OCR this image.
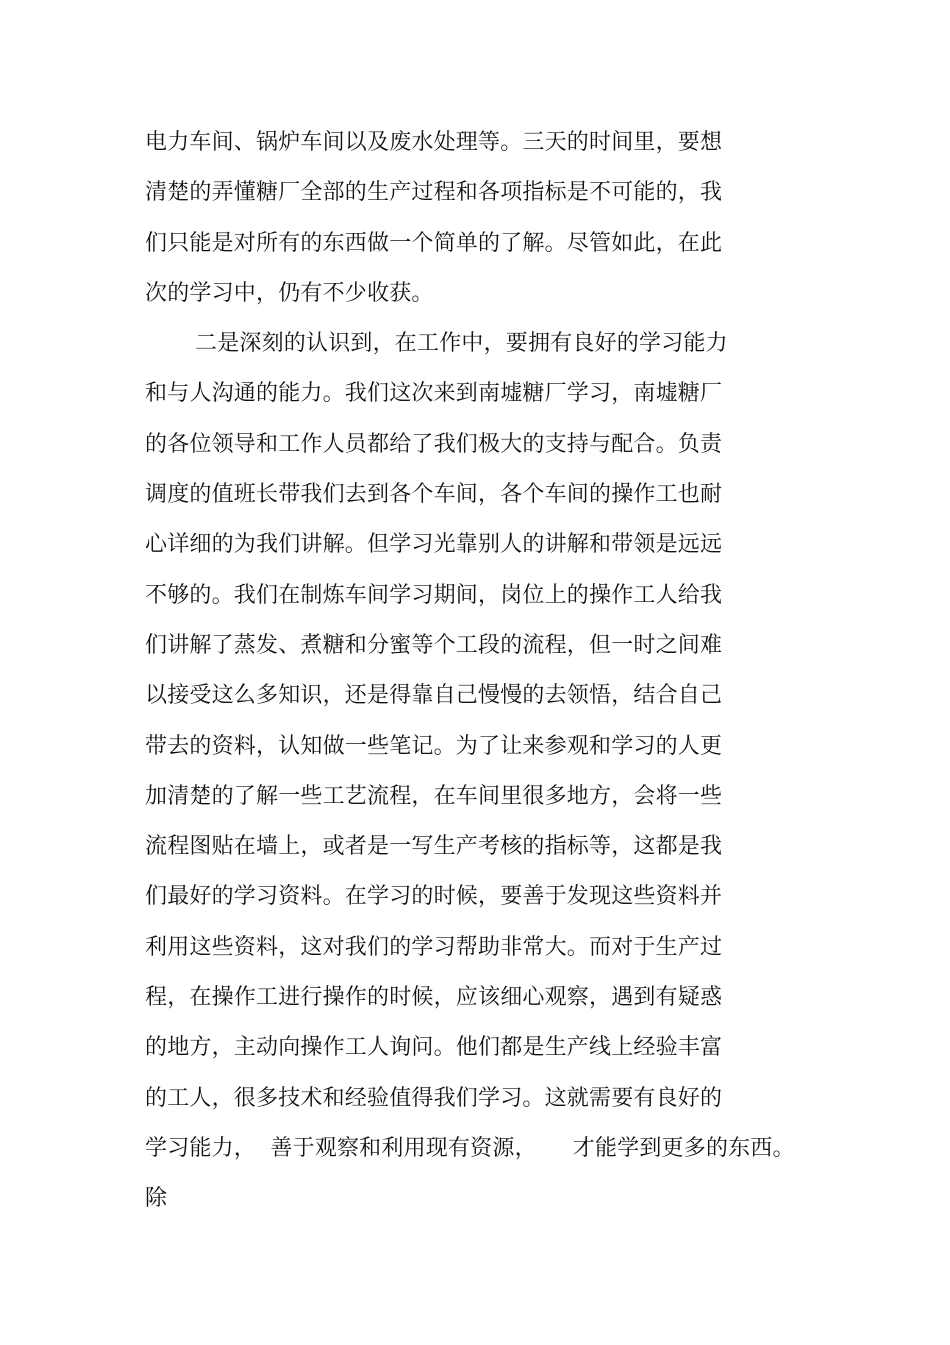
电力车间、锅炉车间以及废水处理等。三天的时间里，要想
清楚的弄懂糖厂全部的生产过程和各项指标是不可能的，我
们只能是对所有的东西做一个简单的了解。尽管如此，在此
次的学习中，仍有不少收获。
二是深刻的认识到，在工作中，要拥有良好的学习能力
和与人沟通的能力。我们这次来到南墟糖厂学习，南墟糖厂
的各位领导和工作人员都给了我们极大的支持与配合。负责
调度的值班长带我们去到各个车间，各个车间的操作工也耐
心详细的为我们讲解。但学习光靠别人的讲解和带领是远远
不够的。我们在制炼车间学习期间，岗位上的操作工人给我
们讲解了蒸发、煮糖和分蜜等个工段的流程，但一时之间难
以接受这么多知识，还是得靠自己慢慢的去领悟，结合自己
带去的资料，认知做一些笔记。为了让来参观和学习的人更
加清楚的了解一些工艺流程，在车间里很多地方，会将一些
流程图贴在墙上，或者是一写生产考核的指标等，这都是我
们最好的学习资料。在学习的时候，要善于发现这些资料并
利用这些资料，这对我们的学习帮助非常大。而对于生产过
程，在操作工进行操作的时候，应该细心观察，遇到有疑惑
的地方，主动向操作工人询问。他们都是生产线上经验丰富
的工人，很多技术和经验值得我们学习。这就需要有良好的
学习能力，  善于观察和利用现有资源，     才能学到更多的东西。
除
